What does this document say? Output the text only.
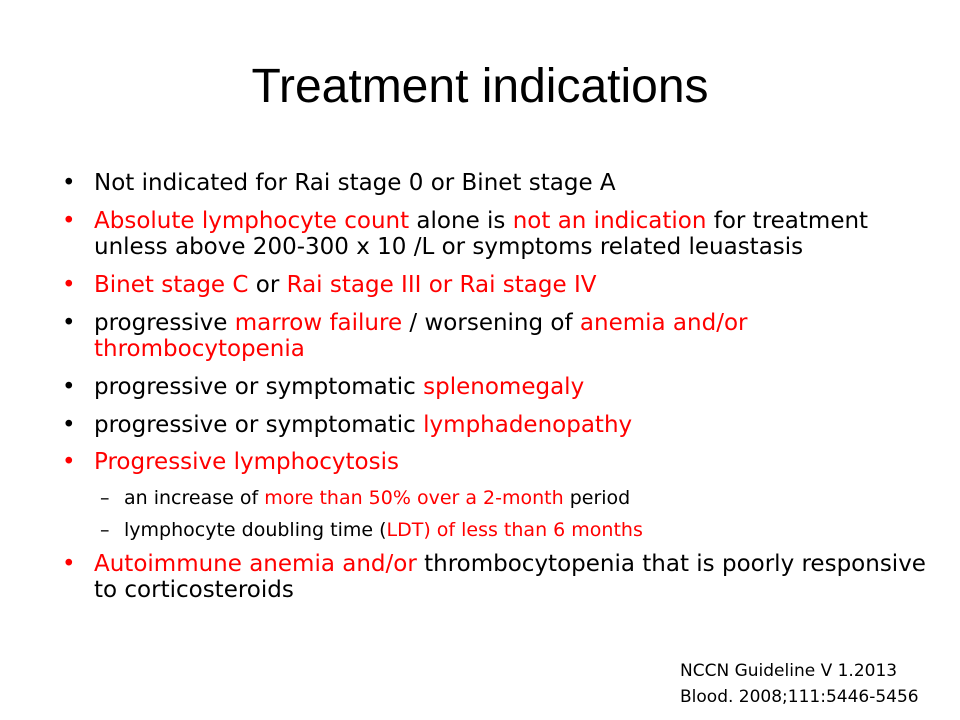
Treatment indications
• Not indicated for Rai stage 0 or Binet stage A
• Absolute lymphocyte count alone is not an indication for treatment unless above 200-300 x 10 /L or symptoms related leuastasis
• Binet stage C or Rai stage III or Rai stage IV
• progressive marrow failure / worsening of anemia and/or thrombocytopenia
• progressive or symptomatic splenomegaly
• progressive or symptomatic lymphadenopathy
• Progressive lymphocytosis
– an increase of more than 50% over a 2-month period
– lymphocyte doubling time (LDT) of less than 6 months
• Autoimmune anemia and/or thrombocytopenia that is poorly responsive to corticosteroids
NCCN Guideline V 1.2013
Blood. 2008;111:5446-5456
